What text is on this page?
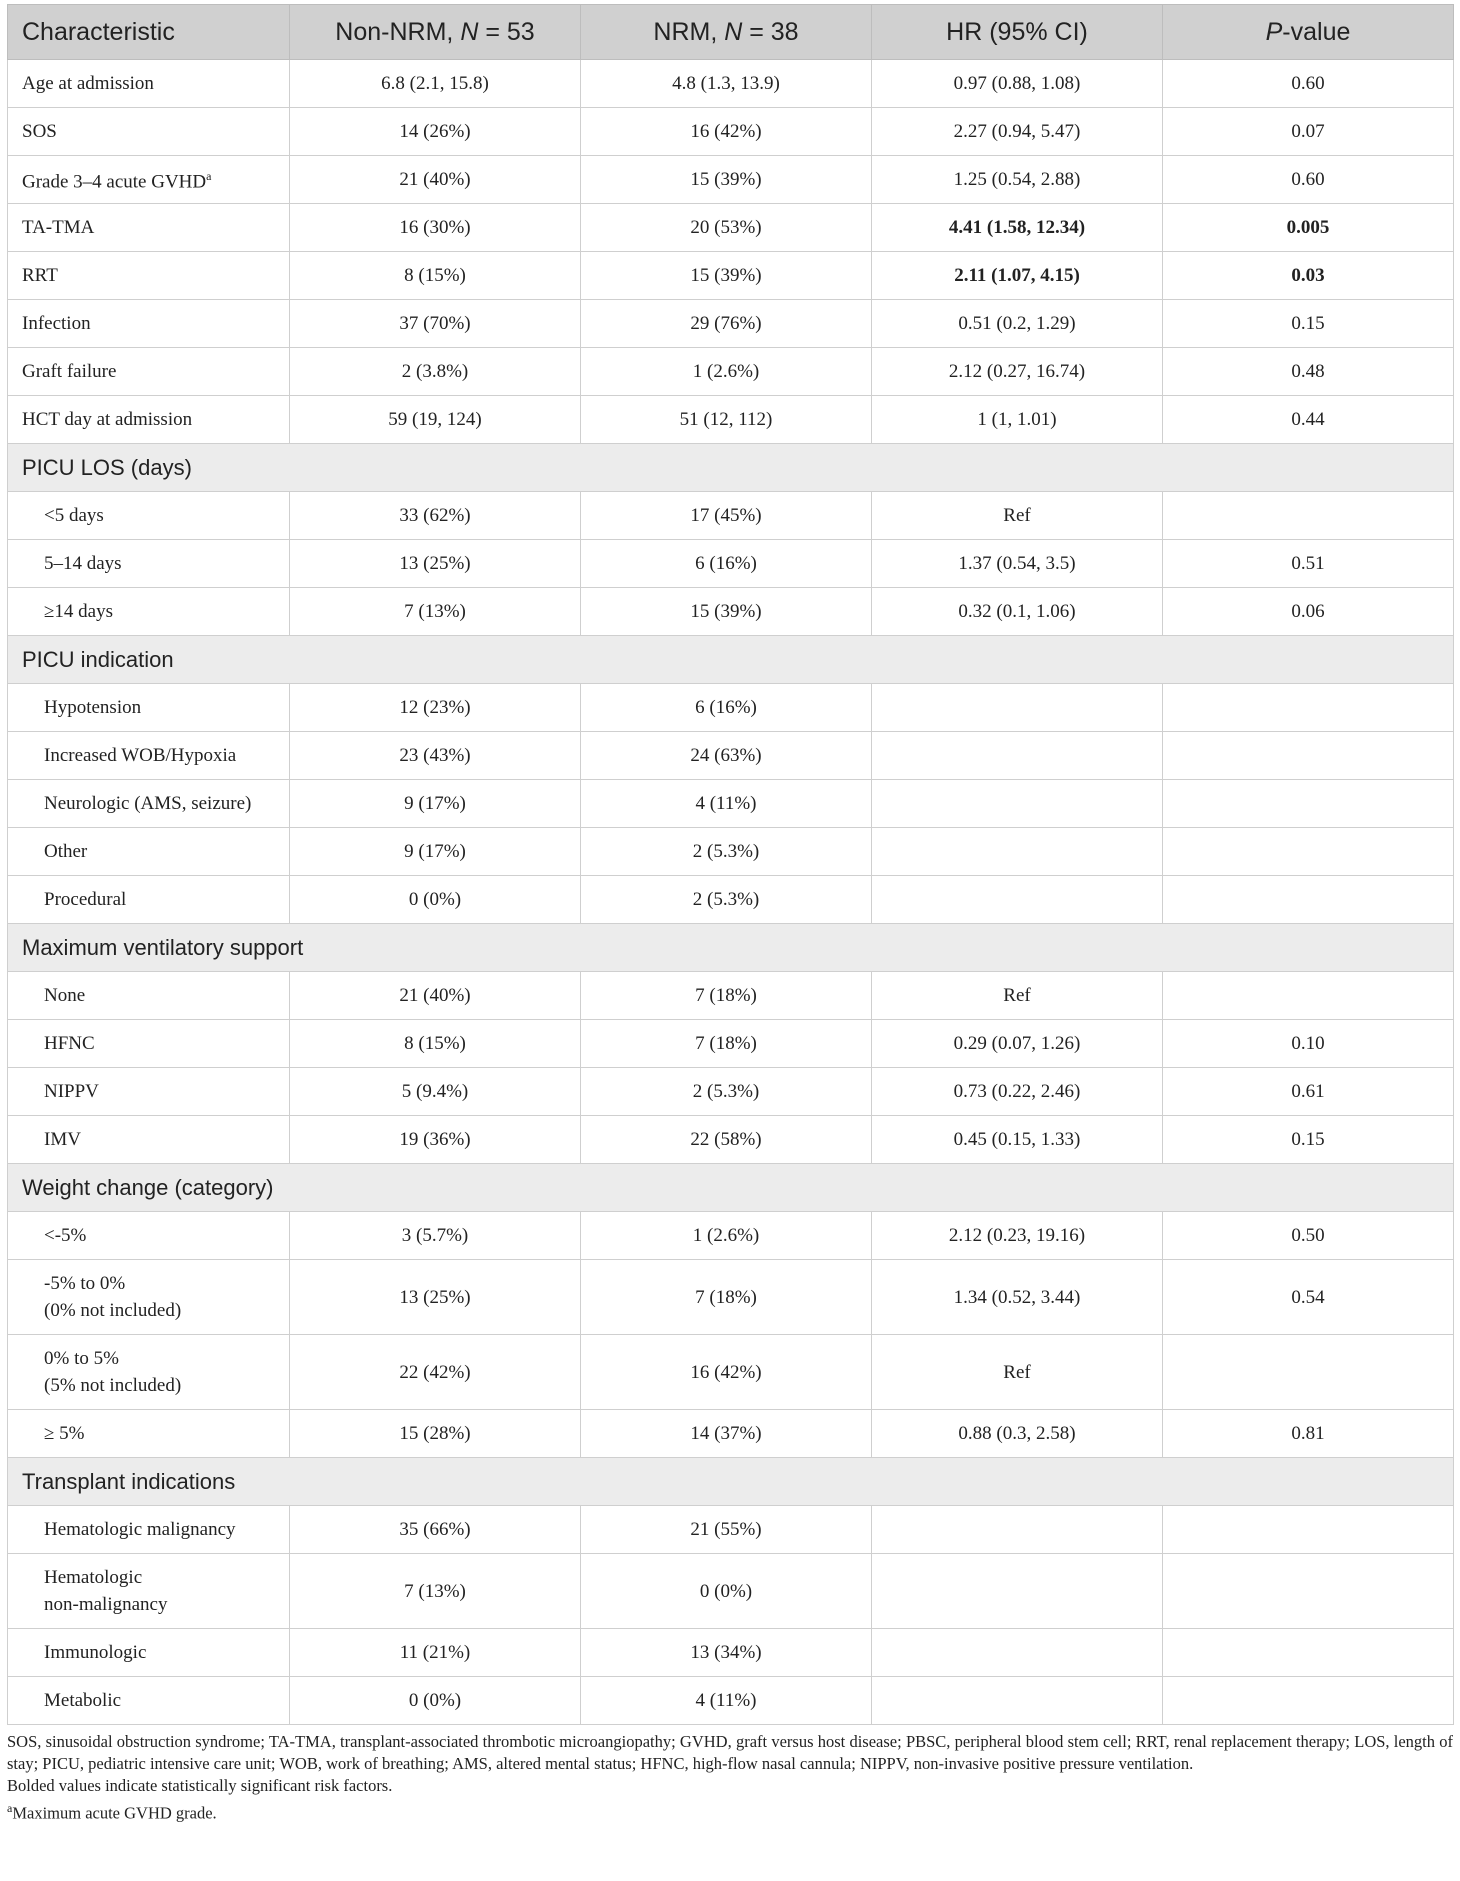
Characteristic	Non-NRM, N = 53	NRM, N = 38	HR (95% CI)	P-value
Age at admission	6.8 (2.1, 15.8)	4.8 (1.3, 13.9)	0.97 (0.88, 1.08)	0.60
SOS	14 (26%)	16 (42%)	2.27 (0.94, 5.47)	0.07
Grade 3–4 acute GVHD$^a$	21 (40%)	15 (39%)	1.25 (0.54, 2.88)	0.60
TA-TMA	16 (30%)	20 (53%)	4.41 (1.58, 12.34)	0.005
RRT	8 (15%)	15 (39%)	2.11 (1.07, 4.15)	0.03
Infection	37 (70%)	29 (76%)	0.51 (0.2, 1.29)	0.15
Graft failure	2 (3.8%)	1 (2.6%)	2.12 (0.27, 16.74)	0.48
HCT day at admission	59 (19, 124)	51 (12, 112)	1 (1, 1.01)	0.44
PICU LOS (days)				
<5 days	33 (62%)	17 (45%)	Ref	
5–14 days	13 (25%)	6 (16%)	1.37 (0.54, 3.5)	0.51
≥14 days	7 (13%)	15 (39%)	0.32 (0.1, 1.06)	0.06
PICU indication				
Hypotension	12 (23%)	6 (16%)		
Increased WOB/Hypoxia	23 (43%)	24 (63%)		
Neurologic (AMS, seizure)	9 (17%)	4 (11%)		
Other	9 (17%)	2 (5.3%)		
Procedural	0 (0%)	2 (5.3%)		
Maximum ventilatory support				
None	21 (40%)	7 (18%)	Ref	
HFNC	8 (15%)	7 (18%)	0.29 (0.07, 1.26)	0.10
NIPPV	5 (9.4%)	2 (5.3%)	0.73 (0.22, 2.46)	0.61
IMV	19 (36%)	22 (58%)	0.45 (0.15, 1.33)	0.15
Weight change (category)				
<-5%	3 (5.7%)	1 (2.6%)	2.12 (0.23, 19.16)	0.50
-5% to 0%
(0% not included)	13 (25%)	7 (18%)	1.34 (0.52, 3.44)	0.54
0% to 5%
(5% not included)	22 (42%)	16 (42%)	Ref	
≥ 5%	15 (28%)	14 (37%)	0.88 (0.3, 2.58)	0.81
Transplant indications				
Hematologic malignancy	35 (66%)	21 (55%)		
Hematologic
non-malignancy	7 (13%)	0 (0%)		
Immunologic	11 (21%)	13 (34%)		
Metabolic	0 (0%)	4 (11%)		
SOS, sinusoidal obstruction syndrome; TA-TMA, transplant-associated thrombotic microangiopathy; GVHD, graft versus host disease; PBSC, peripheral blood stem cell; RRT, renal replacement therapy; LOS, length of stay; PICU, pediatric intensive care unit; WOB, work of breathing; AMS, altered mental status; HFNC, high-flow nasal cannula; NIPPV, non-invasive positive pressure ventilation.
Bolded values indicate statistically significant risk factors.
$^a$Maximum acute GVHD grade.
